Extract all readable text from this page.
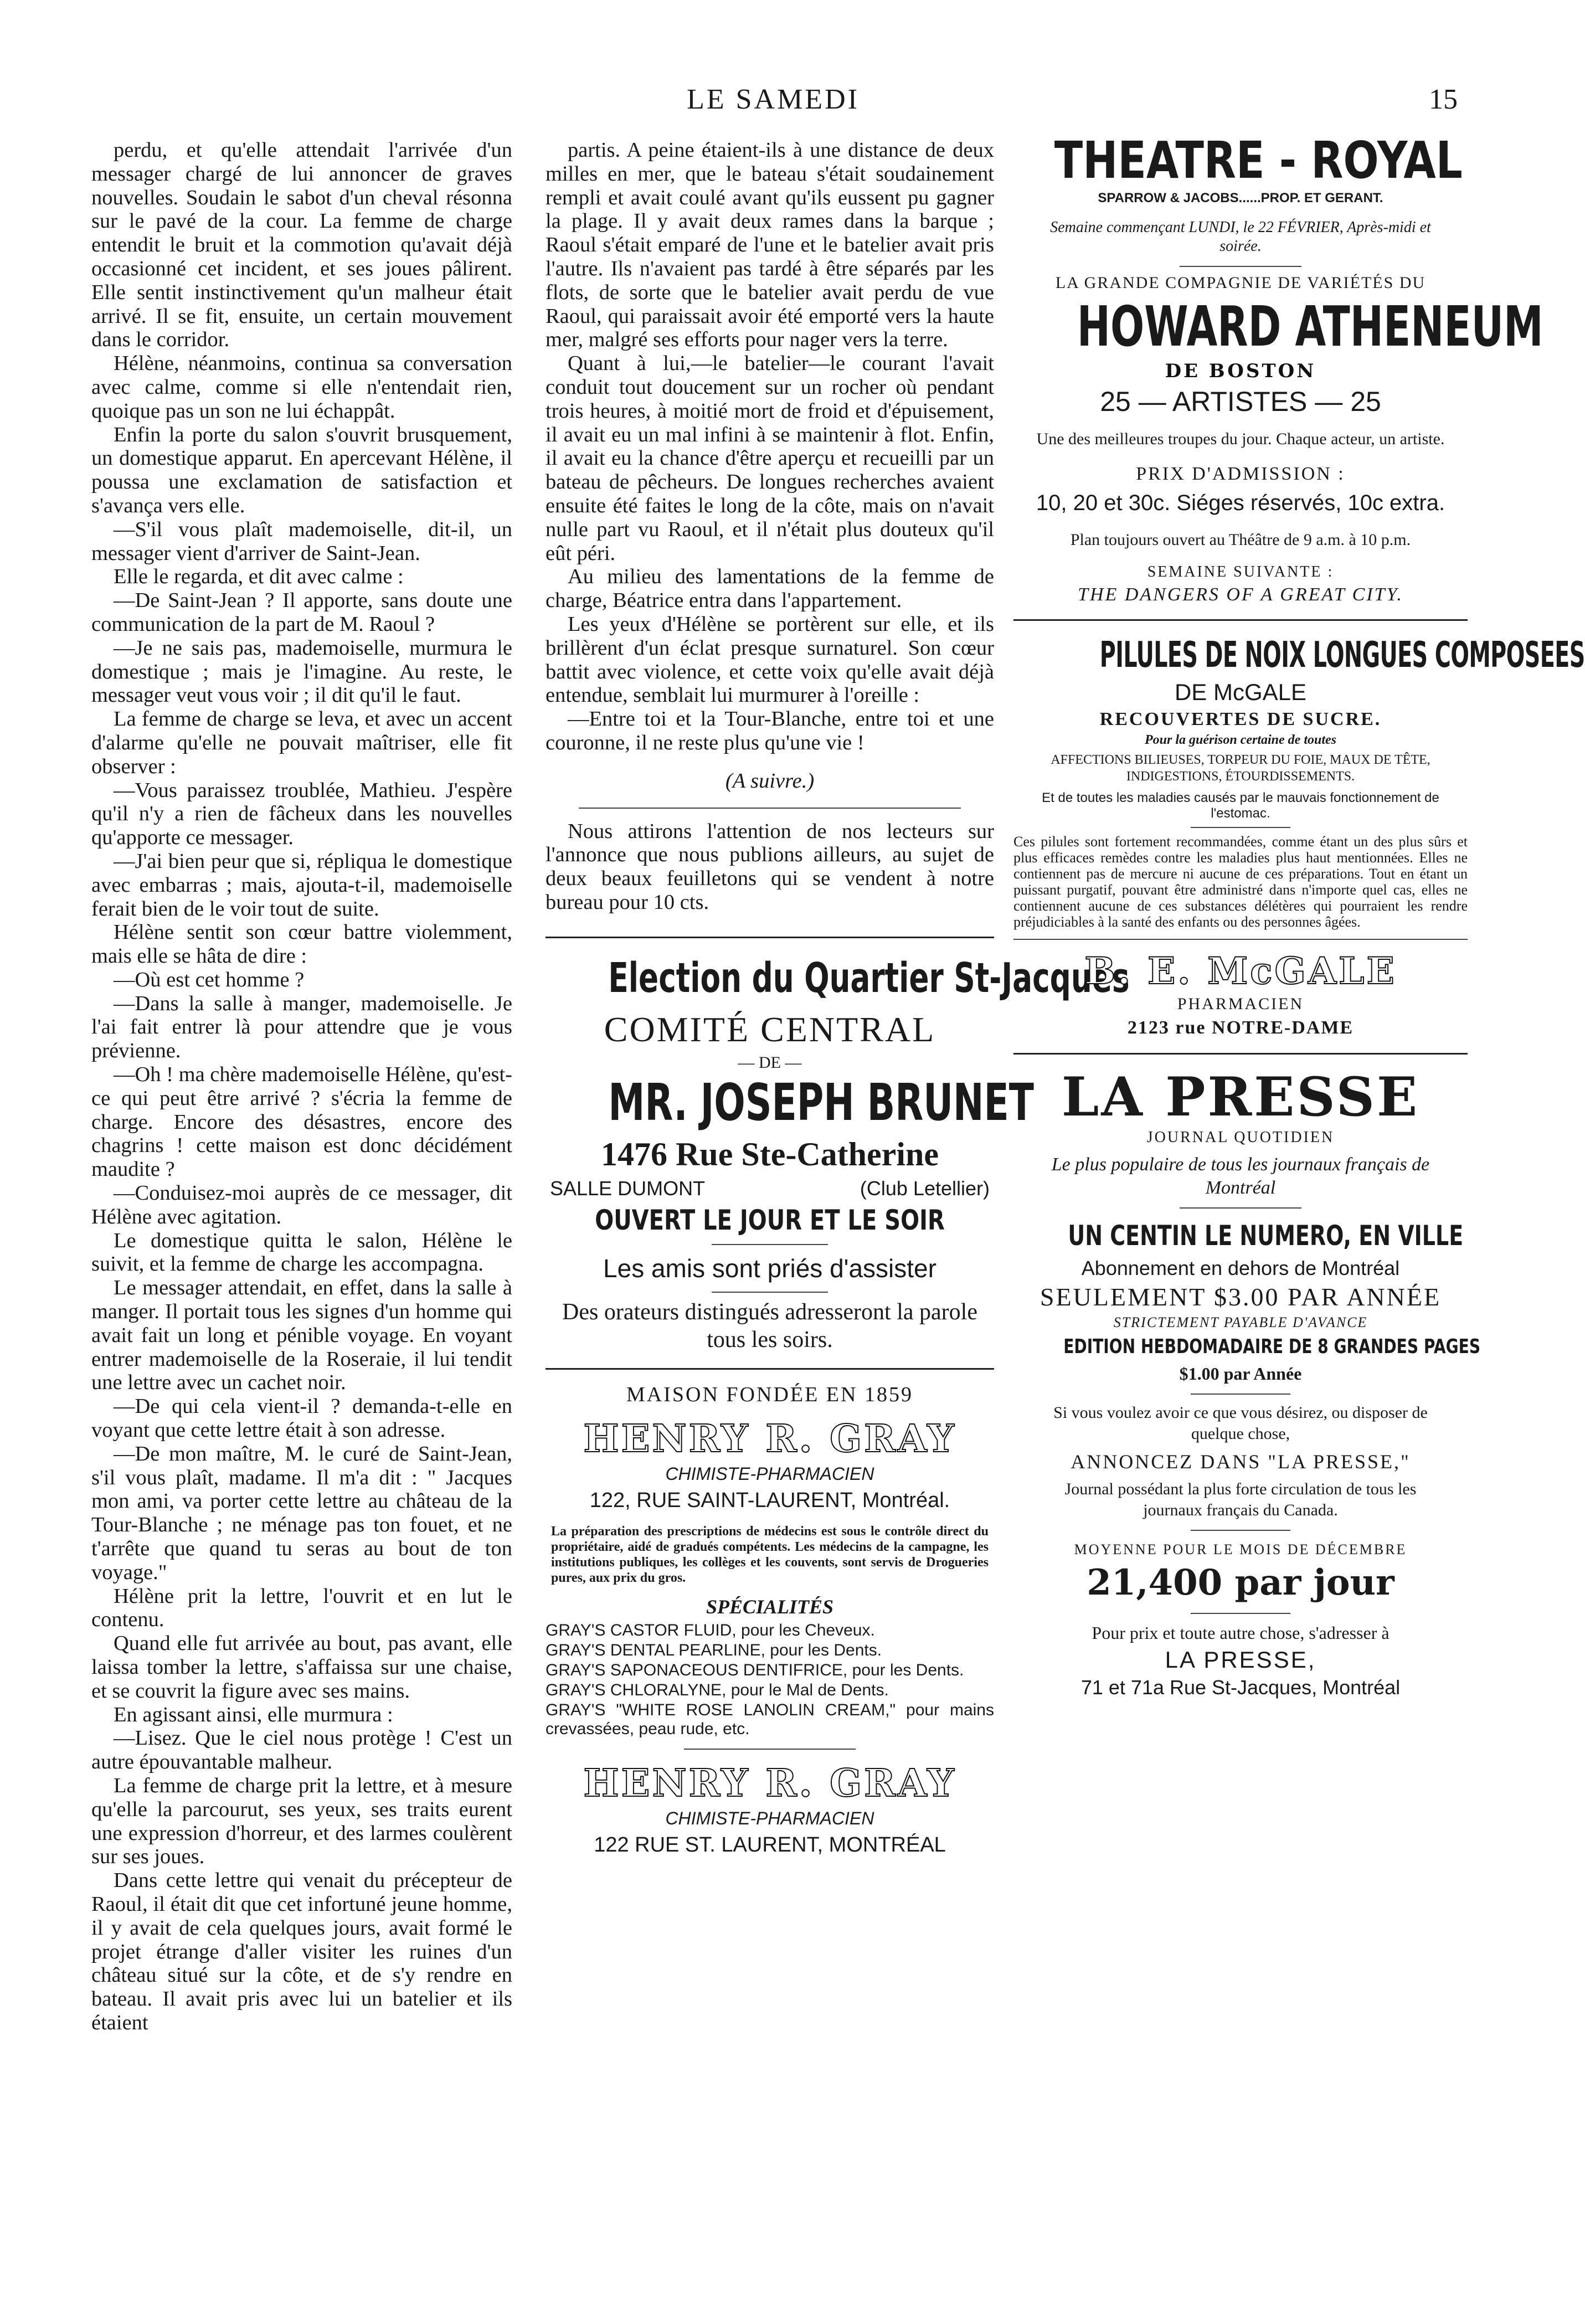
LE SAMEDI	15

perdu, et qu'elle attendait l'arrivée d'un messager chargé de lui annoncer de graves nouvelles. Soudain le sabot d'un cheval résonna sur le pavé de la cour. La femme de charge entendit le bruit et la commotion qu'avait déjà occasionné cet incident, et ses joues pâlirent. Elle sentit instinctivement qu'un malheur était arrivé. Il se fit, ensuite, un certain mouvement dans le corridor.

Hélène, néanmoins, continua sa conversation avec calme, comme si elle n'entendait rien, quoique pas un son ne lui échappât.

Enfin la porte du salon s'ouvrit brusquement, un domestique apparut. En apercevant Hélène, il poussa une exclamation de satisfaction et s'avança vers elle.

—S'il vous plaît mademoiselle, dit-il, un messager vient d'arriver de Saint-Jean.

Elle le regarda, et dit avec calme :

—De Saint-Jean ? Il apporte, sans doute une communication de la part de M. Raoul ?

—Je ne sais pas, mademoiselle, murmura le domestique ; mais je l'imagine. Au reste, le messager veut vous voir ; il dit qu'il le faut.

La femme de charge se leva, et avec un accent d'alarme qu'elle ne pouvait maîtriser, elle fit observer :

—Vous paraissez troublée, Mathieu. J'espère qu'il n'y a rien de fâcheux dans les nouvelles qu'apporte ce messager.

—J'ai bien peur que si, répliqua le domestique avec embarras ; mais, ajouta-t-il, mademoiselle ferait bien de le voir tout de suite.

Hélène sentit son cœur battre violemment, mais elle se hâta de dire :

—Où est cet homme ?

—Dans la salle à manger, mademoiselle. Je l'ai fait entrer là pour attendre que je vous prévienne.

—Oh ! ma chère mademoiselle Hélène, qu'est-ce qui peut être arrivé ? s'écria la femme de charge. Encore des désastres, encore des chagrins ! cette maison est donc décidément maudite ?

—Conduisez-moi auprès de ce messager, dit Hélène avec agitation.

Le domestique quitta le salon, Hélène le suivit, et la femme de charge les accompagna.

Le messager attendait, en effet, dans la salle à manger. Il portait tous les signes d'un homme qui avait fait un long et pénible voyage. En voyant entrer mademoiselle de la Roseraie, il lui tendit une lettre avec un cachet noir.

—De qui cela vient-il ? demanda-t-elle en voyant que cette lettre était à son adresse.

—De mon maître, M. le curé de Saint-Jean, s'il vous plaît, madame. Il m'a dit : " Jacques mon ami, va porter cette lettre au château de la Tour-Blanche ; ne ménage pas ton fouet, et ne t'arrête que quand tu seras au bout de ton voyage."

Hélène prit la lettre, l'ouvrit et en lut le contenu.

Quand elle fut arrivée au bout, pas avant, elle laissa tomber la lettre, s'affaissa sur une chaise, et se couvrit la figure avec ses mains.

En agissant ainsi, elle murmura :

—Lisez. Que le ciel nous protège ! C'est un autre épouvantable malheur.

La femme de charge prit la lettre, et à mesure qu'elle la parcourut, ses yeux, ses traits eurent une expression d'horreur, et des larmes coulèrent sur ses joues.

Dans cette lettre qui venait du précepteur de Raoul, il était dit que cet infortuné jeune homme, il y avait de cela quelques jours, avait formé le projet étrange d'aller visiter les ruines d'un château situé sur la côte, et de s'y rendre en bateau. Il avait pris avec lui un batelier et ils étaient

partis. A peine étaient-ils à une distance de deux milles en mer, que le bateau s'était soudainement rempli et avait coulé avant qu'ils eussent pu gagner la plage. Il y avait deux rames dans la barque ; Raoul s'était emparé de l'une et le batelier avait pris l'autre. Ils n'avaient pas tardé à être séparés par les flots, de sorte que le batelier avait perdu de vue Raoul, qui paraissait avoir été emporté vers la haute mer, malgré ses efforts pour nager vers la terre.

Quant à lui,—le batelier—le courant l'avait conduit tout doucement sur un rocher où pendant trois heures, à moitié mort de froid et d'épuisement, il avait eu un mal infini à se maintenir à flot. Enfin, il avait eu la chance d'être aperçu et recueilli par un bateau de pêcheurs. De longues recherches avaient ensuite été faites le long de la côte, mais on n'avait nulle part vu Raoul, et il n'était plus douteux qu'il eût péri.

Au milieu des lamentations de la femme de charge, Béatrice entra dans l'appartement.

Les yeux d'Hélène se portèrent sur elle, et ils brillèrent d'un éclat presque surnaturel. Son cœur battit avec violence, et cette voix qu'elle avait déjà entendue, semblait lui murmurer à l'oreille :

—Entre toi et la Tour-Blanche, entre toi et une couronne, il ne reste plus qu'une vie !

(A suivre.)

Nous attirons l'attention de nos lecteurs sur l'annonce que nous publions ailleurs, au sujet de deux beaux feuilletons qui se vendent à notre bureau pour 10 cts.

Election du Quartier St-Jacques
COMITÉ CENTRAL
— DE —
MR. JOSEPH BRUNET
1476 Rue Ste-Catherine
SALLE DUMONT	(Club Letellier)
OUVERT LE JOUR ET LE SOIR
Les amis sont priés d'assister
Des orateurs distingués adresseront la parole tous les soirs.
MAISON FONDÉE EN 1859
HENRY R. GRAY
CHIMISTE-PHARMACIEN
122, RUE SAINT-LAURENT, Montréal.
La préparation des prescriptions de médecins est sous le contrôle direct du propriétaire, aidé de gradués compétents. Les médecins de la campagne, les institutions publiques, les collèges et les couvents, sont servis de Drogueries pures, aux prix du gros.
SPÉCIALITÉS

GRAY'S CASTOR FLUID, pour les Cheveux.

GRAY'S DENTAL PEARLINE, pour les Dents.

GRAY'S SAPONACEOUS DENTIFRICE, pour les Dents.

GRAY'S CHLORALYNE, pour le Mal de Dents.

GRAY'S "WHITE ROSE LANOLIN CREAM," pour mains crevassées, peau rude, etc.

HENRY R. GRAY
CHIMISTE-PHARMACIEN
122 RUE ST. LAURENT, MONTRÉAL
THEATRE - ROYAL
SPARROW & JACOBS......PROP. ET GERANT.
Semaine commençant LUNDI, le 22 FÉVRIER, Après-midi et soirée.
LA GRANDE COMPAGNIE DE VARIÉTÉS DU
HOWARD ATHENEUM
DE BOSTON
25 — ARTISTES — 25
Une des meilleures troupes du jour. Chaque acteur, un artiste.
PRIX D'ADMISSION :
10, 20 et 30c. Siéges réservés, 10c extra.
Plan toujours ouvert au Théâtre de 9 a.m. à 10 p.m.
SEMAINE SUIVANTE :
THE DANGERS OF A GREAT CITY.
PILULES DE NOIX LONGUES COMPOSEES
DE McGALE
RECOUVERTES DE SUCRE.
Pour la guérison certaine de toutes
AFFECTIONS BILIEUSES, TORPEUR DU FOIE, MAUX DE TÊTE, INDIGESTIONS, ÉTOURDISSEMENTS.
Et de toutes les maladies causés par le mauvais fonctionnement de l'estomac.
Ces pilules sont fortement recommandées, comme étant un des plus sûrs et plus efficaces remèdes contre les maladies plus haut mentionnées. Elles ne contiennent pas de mercure ni aucune de ces préparations. Tout en étant un puissant purgatif, pouvant être administré dans n'importe quel cas, elles ne contiennent aucune de ces substances délétères qui pourraient les rendre préjudiciables à la santé des enfants ou des personnes âgées.
B. E. McGALE
PHARMACIEN
2123 rue NOTRE-DAME
LA PRESSE
JOURNAL QUOTIDIEN
Le plus populaire de tous les journaux français de Montréal
UN CENTIN LE NUMERO, EN VILLE
Abonnement en dehors de Montréal
SEULEMENT $3.00 PAR ANNÉE
STRICTEMENT PAYABLE D'AVANCE
EDITION HEBDOMADAIRE DE 8 GRANDES PAGES
$1.00 par Année
Si vous voulez avoir ce que vous désirez, ou disposer de quelque chose,
ANNONCEZ DANS "LA PRESSE,"
Journal possédant la plus forte circulation de tous les journaux français du Canada.
MOYENNE POUR LE MOIS DE DÉCEMBRE
21,400 par jour
Pour prix et toute autre chose, s'adresser à
LA PRESSE,
71 et 71a Rue St-Jacques, Montréal
